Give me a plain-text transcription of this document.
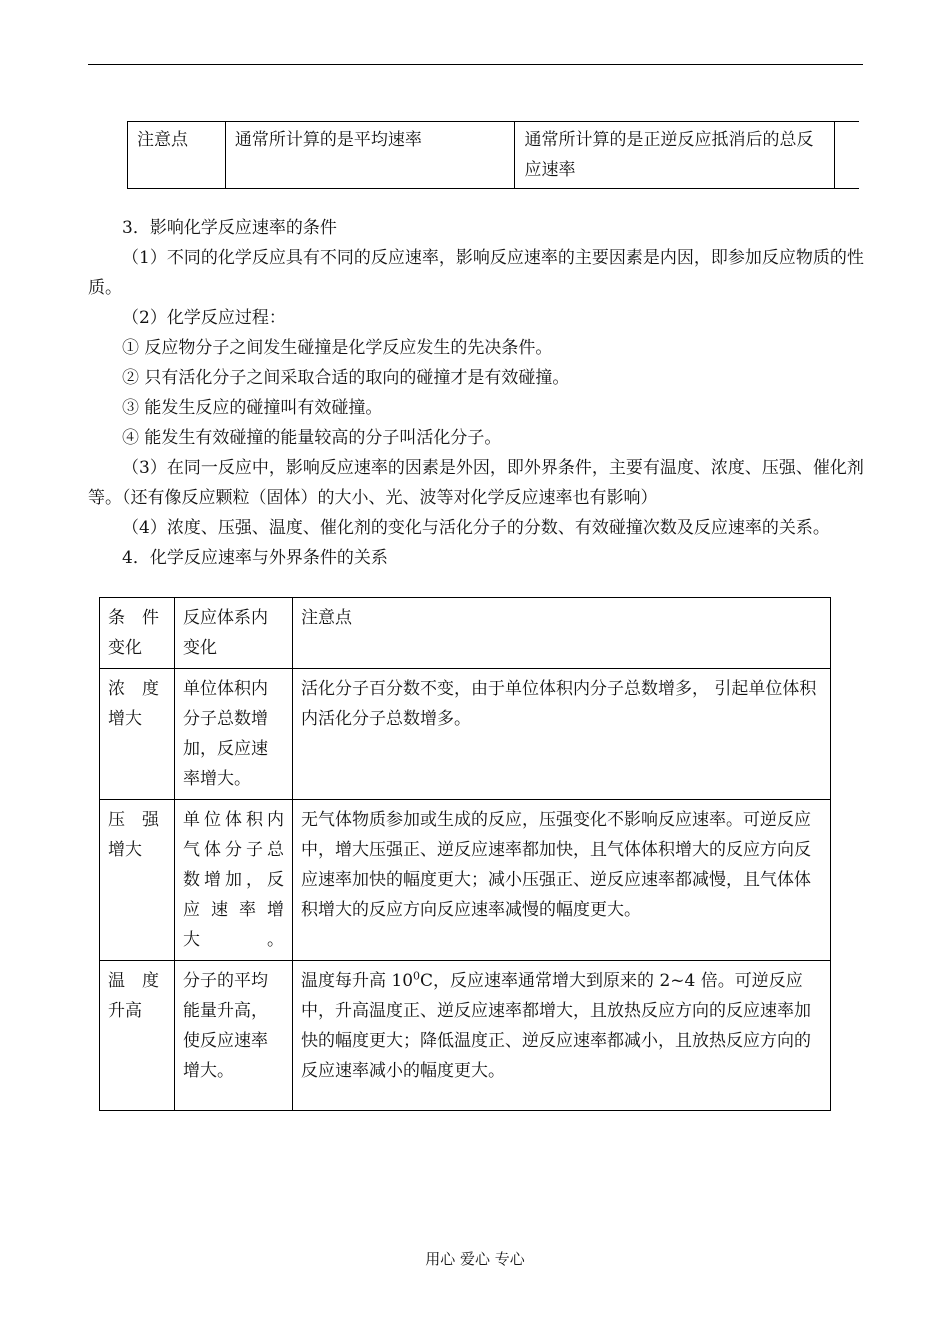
注意点	通常所计算的是平均速率	通常所计算的是正逆反应抵消后的总反应速率	

3．影响化学反应速率的条件

（1）不同的化学反应具有不同的反应速率，影响反应速率的主要因素是内因，即参加反应物质的性质。

（2）化学反应过程：

① 反应物分子之间发生碰撞是化学反应发生的先决条件。

② 只有活化分子之间采取合适的取向的碰撞才是有效碰撞。

③ 能发生反应的碰撞叫有效碰撞。

④ 能发生有效碰撞的能量较高的分子叫活化分子。

（3）在同一反应中，影响反应速率的因素是外因，即外界条件，主要有温度、浓度、压强、催化剂等。（还有像反应颗粒（固体）的大小、光、波等对化学反应速率也有影响）

（4）浓度、压强、温度、催化剂的变化与活化分子的分数、有效碰撞次数及反应速率的关系。

4．化学反应速率与外界条件的关系

条　件变化	反应体系内变化	注意点
浓　度增大	单位体积内分子总数增加，反应速率增大。	活化分子百分数不变，由于单位体积内分子总数增多， 引起单位体积内活化分子总数增多。
压　强增大	单位体积内气体分子总数增加，反应速率增大。	无气体物质参加或生成的反应，压强变化不影响反应速率。可逆反应中，增大压强正、逆反应速率都加快，且气体体积增大的反应方向反应速率加快的幅度更大；减小压强正、逆反应速率都减慢，且气体体积增大的反应方向反应速率减慢的幅度更大。
温　度升高	分子的平均能量升高，使反应速率增大。	温度每升高 $10^0C$，反应速率通常增大到原来的 2~4 倍。可逆反应中，升高温度正、逆反应速率都增大，且放热反应方向的反应速率加快的幅度更大；降低温度正、逆反应速率都减小，且放热反应方向的反应速率减小的幅度更大。
用心 爱心 专心
